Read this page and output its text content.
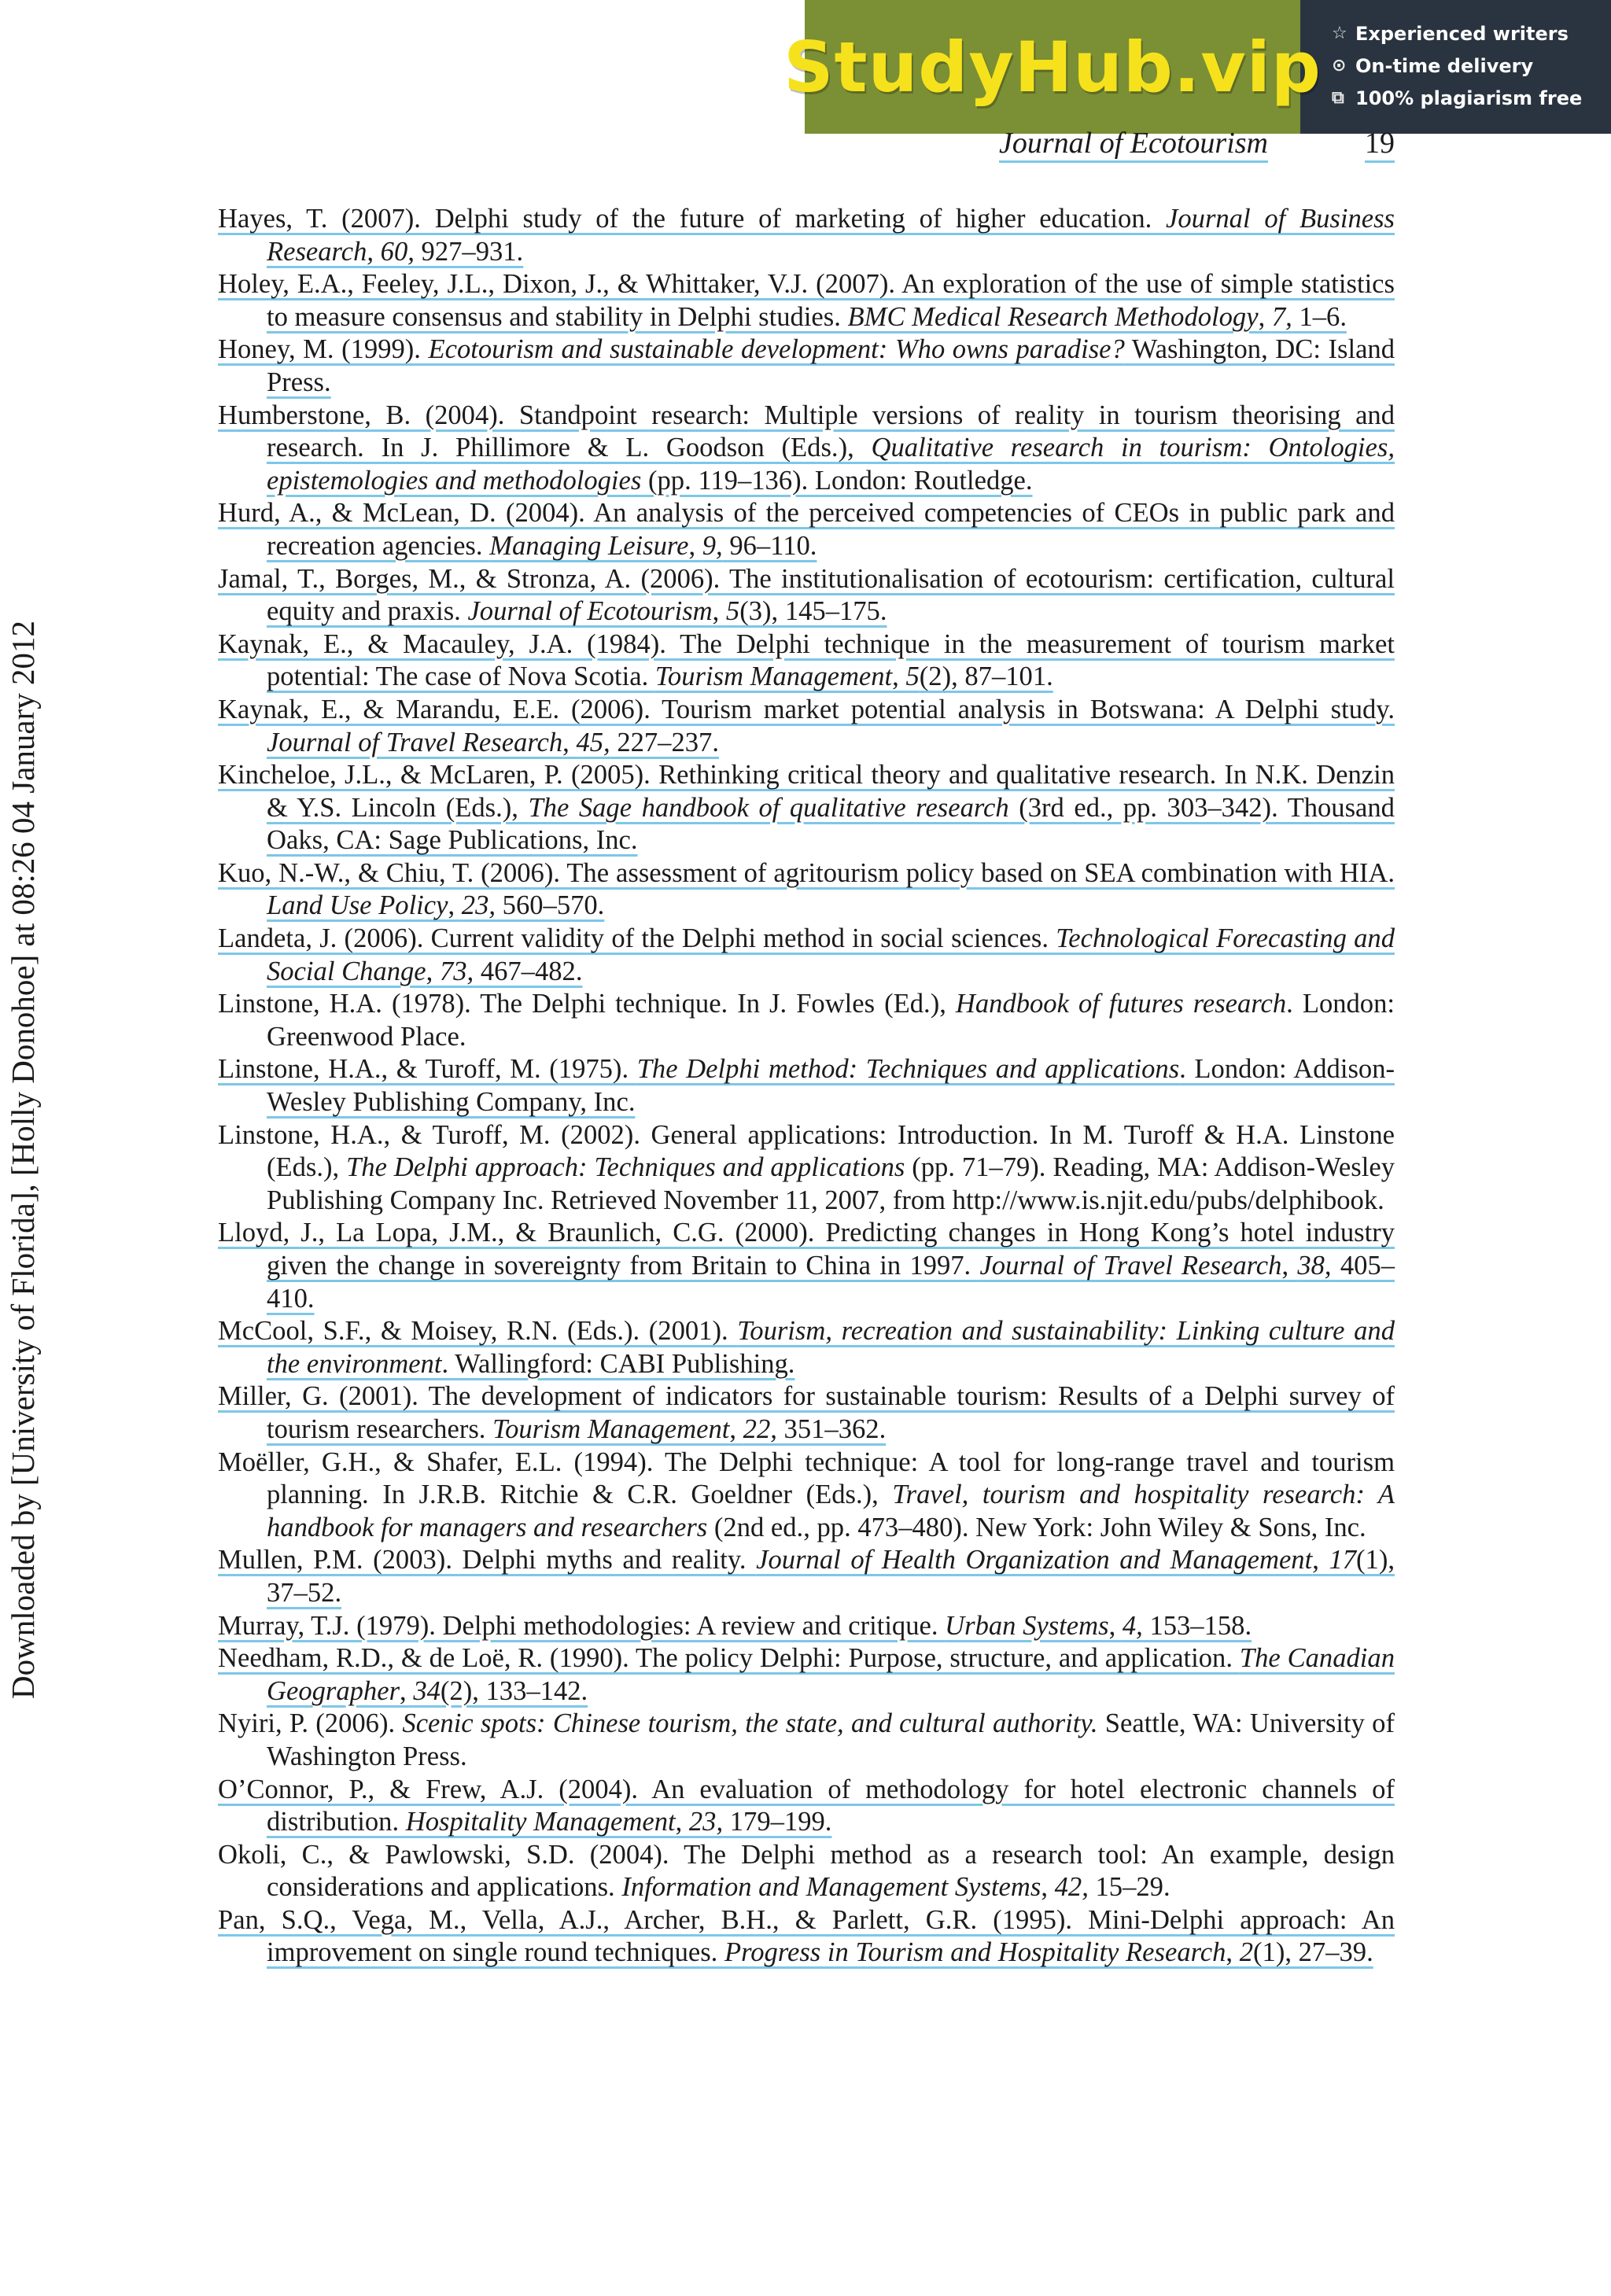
StudyHub.vip ☆ Experienced writers
⊙ On-time delivery
⧉ 100% plagiarism free
Journal of Ecotourism	19
Downloaded by [University of Florida], [Holly Donohoe] at 08:26 04 January 2012
Hayes, T. (2007). Delphi study of the future of marketing of higher education. Journal of Business Research, 60, 927–931.
Holey, E.A., Feeley, J.L., Dixon, J., & Whittaker, V.J. (2007). An exploration of the use of simple statistics to measure consensus and stability in Delphi studies. BMC Medical Research Methodology, 7, 1–6.
Honey, M. (1999). Ecotourism and sustainable development: Who owns paradise? Washington, DC: Island Press.
Humberstone, B. (2004). Standpoint research: Multiple versions of reality in tourism theorising and research. In J. Phillimore & L. Goodson (Eds.), Qualitative research in tourism: Ontologies, epistemologies and methodologies (pp. 119–136). London: Routledge.
Hurd, A., & McLean, D. (2004). An analysis of the perceived competencies of CEOs in public park and recreation agencies. Managing Leisure, 9, 96–110.
Jamal, T., Borges, M., & Stronza, A. (2006). The institutionalisation of ecotourism: certification, cultural equity and praxis. Journal of Ecotourism, 5(3), 145–175.
Kaynak, E., & Macauley, J.A. (1984). The Delphi technique in the measurement of tourism market potential: The case of Nova Scotia. Tourism Management, 5(2), 87–101.
Kaynak, E., & Marandu, E.E. (2006). Tourism market potential analysis in Botswana: A Delphi study. Journal of Travel Research, 45, 227–237.
Kincheloe, J.L., & McLaren, P. (2005). Rethinking critical theory and qualitative research. In N.K. Denzin & Y.S. Lincoln (Eds.), The Sage handbook of qualitative research (3rd ed., pp. 303–342). Thousand Oaks, CA: Sage Publications, Inc.
Kuo, N.-W., & Chiu, T. (2006). The assessment of agritourism policy based on SEA combination with HIA. Land Use Policy, 23, 560–570.
Landeta, J. (2006). Current validity of the Delphi method in social sciences. Technological Forecasting and Social Change, 73, 467–482.
Linstone, H.A. (1978). The Delphi technique. In J. Fowles (Ed.), Handbook of futures research. London: Greenwood Place.
Linstone, H.A., & Turoff, M. (1975). The Delphi method: Techniques and applications. London: Addison-Wesley Publishing Company, Inc.
Linstone, H.A., & Turoff, M. (2002). General applications: Introduction. In M. Turoff & H.A. Linstone (Eds.), The Delphi approach: Techniques and applications (pp. 71–79). Reading, MA: Addison-Wesley Publishing Company Inc. Retrieved November 11, 2007, from http://www.is.njit.edu/pubs/delphibook.
Lloyd, J., La Lopa, J.M., & Braunlich, C.G. (2000). Predicting changes in Hong Kong’s hotel industry given the change in sovereignty from Britain to China in 1997. Journal of Travel Research, 38, 405–410.
McCool, S.F., & Moisey, R.N. (Eds.). (2001). Tourism, recreation and sustainability: Linking culture and the environment. Wallingford: CABI Publishing.
Miller, G. (2001). The development of indicators for sustainable tourism: Results of a Delphi survey of tourism researchers. Tourism Management, 22, 351–362.
Moëller, G.H., & Shafer, E.L. (1994). The Delphi technique: A tool for long-range travel and tourism planning. In J.R.B. Ritchie & C.R. Goeldner (Eds.), Travel, tourism and hospitality research: A handbook for managers and researchers (2nd ed., pp. 473–480). New York: John Wiley & Sons, Inc.
Mullen, P.M. (2003). Delphi myths and reality. Journal of Health Organization and Management, 17(1), 37–52.
Murray, T.J. (1979). Delphi methodologies: A review and critique. Urban Systems, 4, 153–158.
Needham, R.D., & de Loë, R. (1990). The policy Delphi: Purpose, structure, and application. The Canadian Geographer, 34(2), 133–142.
Nyiri, P. (2006). Scenic spots: Chinese tourism, the state, and cultural authority. Seattle, WA: University of Washington Press.
O’Connor, P., & Frew, A.J. (2004). An evaluation of methodology for hotel electronic channels of distribution. Hospitality Management, 23, 179–199.
Okoli, C., & Pawlowski, S.D. (2004). The Delphi method as a research tool: An example, design considerations and applications. Information and Management Systems, 42, 15–29.
Pan, S.Q., Vega, M., Vella, A.J., Archer, B.H., & Parlett, G.R. (1995). Mini-Delphi approach: An improvement on single round techniques. Progress in Tourism and Hospitality Research, 2(1), 27–39.
